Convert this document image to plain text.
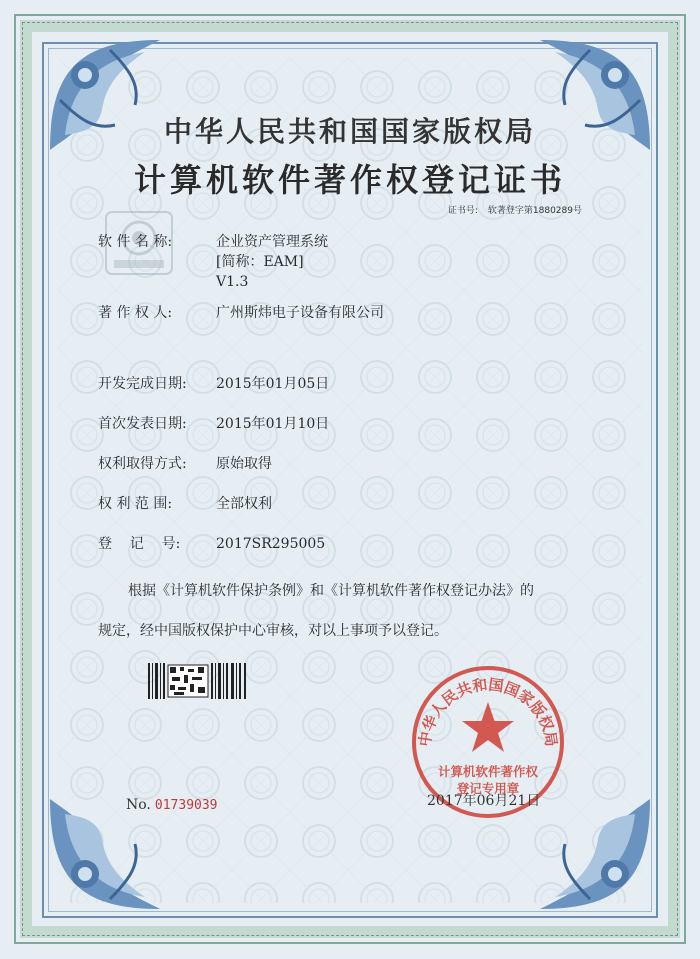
中华人民共和国国家版权局
计算机软件著作权登记证书
证书号: 软著登字第1880289号
软 件 名 称:	企业资产管理系统
[简称：EAM]
V1.3
著 作 权 人:	广州斯炜电子设备有限公司
开发完成日期: 2015年01月05日
首次发表日期: 2015年01月10日
权利取得方式: 原始取得
权 利 范 围:	全部权利
登    记    号:	2017SR295005
根据《计算机软件保护条例》和《计算机软件著作权登记办法》的
规定，经中国版权保护中心审核，对以上事项予以登记。
No. 01739039
中华人民共和国国家版权局
计算机软件著作权
登记专用章
2017年06月21日
